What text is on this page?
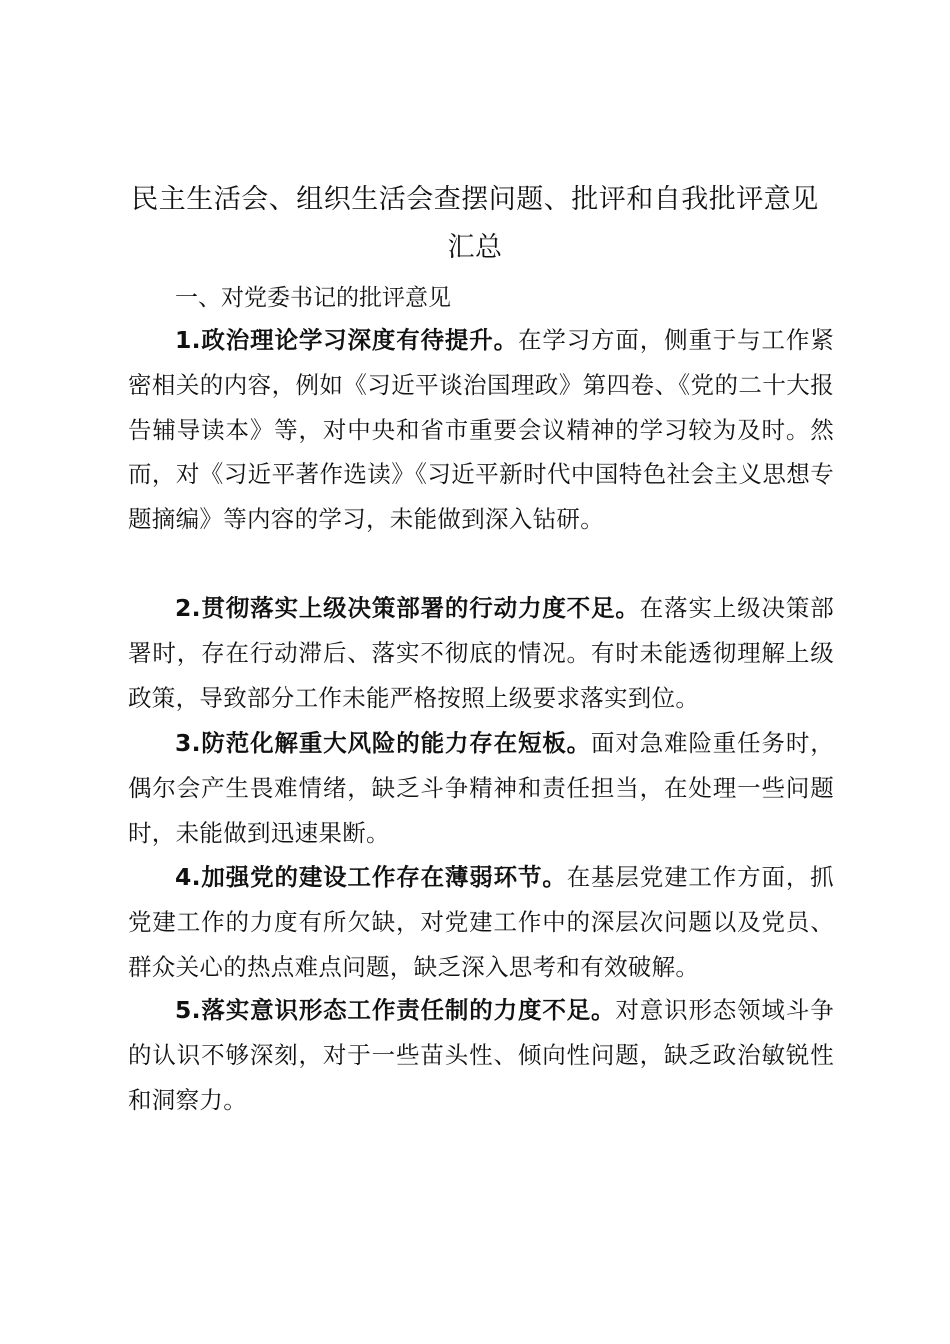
民主生活会、组织生活会查摆问题、批评和自我批评意见汇总
一、对党委书记的批评意见

1.政治理论学习深度有待提升。在学习方面，侧重于与工作紧密相关的内容，例如《习近平谈治国理政》第四卷、《党的二十大报告辅导读本》等，对中央和省市重要会议精神的学习较为及时。然而，对《习近平著作选读》《习近平新时代中国特色社会主义思想专题摘编》等内容的学习，未能做到深入钻研。

2.贯彻落实上级决策部署的行动力度不足。在落实上级决策部署时，存在行动滞后、落实不彻底的情况。有时未能透彻理解上级政策，导致部分工作未能严格按照上级要求落实到位。

3.防范化解重大风险的能力存在短板。面对急难险重任务时，偶尔会产生畏难情绪，缺乏斗争精神和责任担当，在处理一些问题时，未能做到迅速果断。

4.加强党的建设工作存在薄弱环节。在基层党建工作方面，抓党建工作的力度有所欠缺，对党建工作中的深层次问题以及党员、群众关心的热点难点问题，缺乏深入思考和有效破解。

5.落实意识形态工作责任制的力度不足。对意识形态领域斗争的认识不够深刻，对于一些苗头性、倾向性问题，缺乏政治敏锐性和洞察力。
